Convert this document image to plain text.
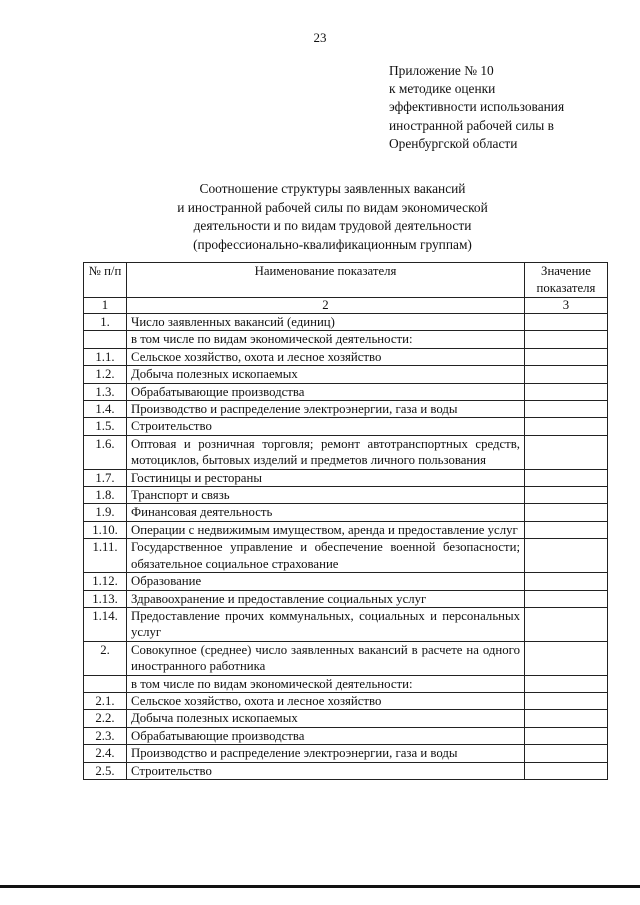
23
Приложение № 10
к методике оценки
эффективности использования
иностранной рабочей силы в
Оренбургской области
Соотношение структуры заявленных вакансий
и иностранной рабочей силы по видам экономической
деятельности и по видам трудовой деятельности
(профессионально-квалификационным группам)
№ п/п	Наименование показателя	Значение показателя
1	2	3
1.	Число заявленных вакансий (единиц)	
	в том числе по видам экономической деятельности:	
1.1.	Сельское хозяйство, охота и лесное хозяйство	
1.2.	Добыча полезных ископаемых	
1.3.	Обрабатывающие производства	
1.4.	Производство и распределение электроэнергии, газа и воды	
1.5.	Строительство	
1.6.	Оптовая и розничная торговля; ремонт автотранспортных средств, мотоциклов, бытовых изделий и предметов личного пользования	
1.7.	Гостиницы и рестораны	
1.8.	Транспорт и связь	
1.9.	Финансовая деятельность	
1.10.	Операции с недвижимым имуществом, аренда и предоставление услуг	
1.11.	Государственное управление и обеспечение военной безопасности; обязательное социальное страхование	
1.12.	Образование	
1.13.	Здравоохранение и предоставление социальных услуг	
1.14.	Предоставление прочих коммунальных, социальных и персональных услуг	
2.	Совокупное (среднее) число заявленных вакансий в расчете на одного иностранного работника	
	в том числе по видам экономической деятельности:	
2.1.	Сельское хозяйство, охота и лесное хозяйство	
2.2.	Добыча полезных ископаемых	
2.3.	Обрабатывающие производства	
2.4.	Производство и распределение электроэнергии, газа и воды	
2.5.	Строительство	
